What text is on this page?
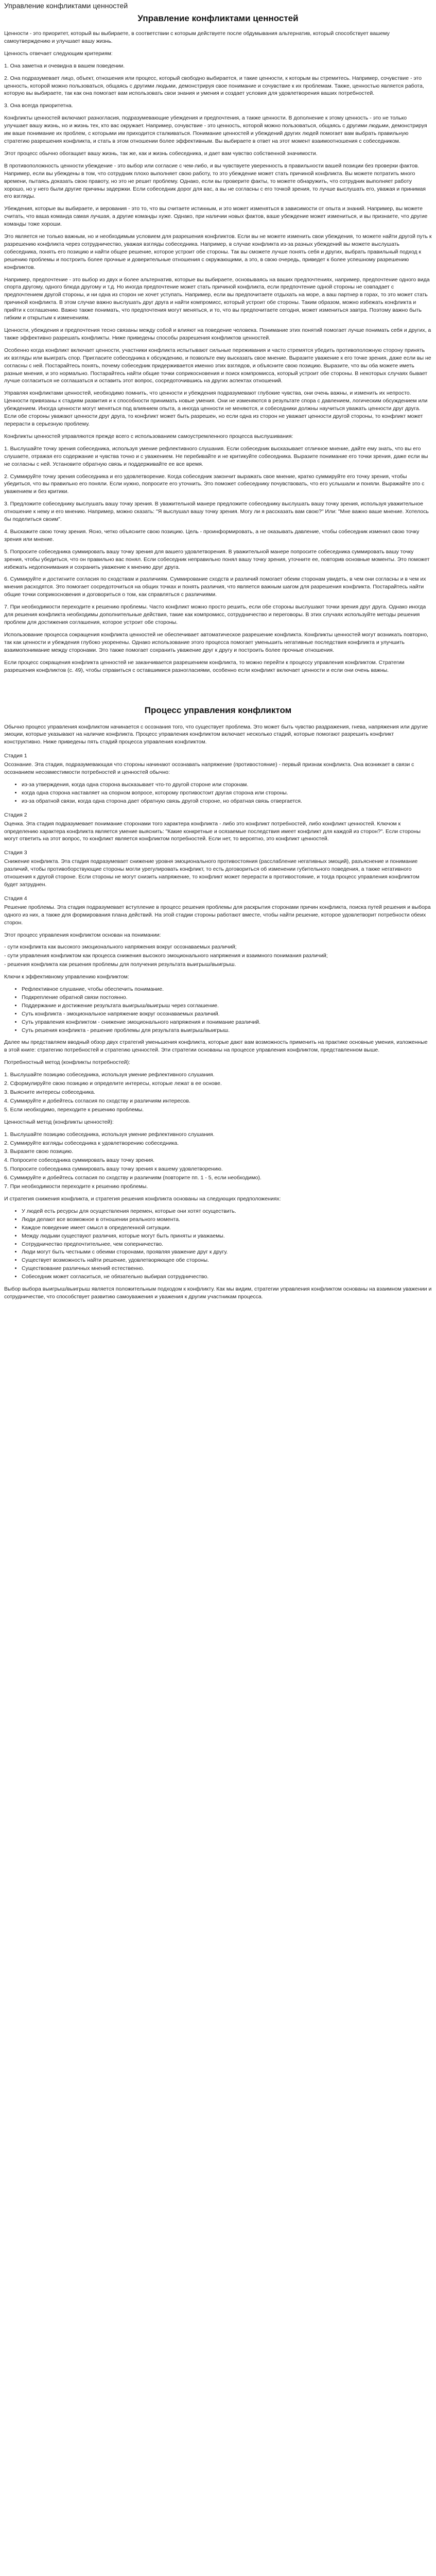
Управление конфликтами ценностей
Управление конфликтами ценностей

Ценности - это приоритет, который вы выбираете, в соответствии с которым действуете после обдумывания альтернатив, который способствует вашему самоутверждению и улучшает вашу жизнь.

Ценность отвечает следующим критериям:

1. Она заметна и очевидна в вашем поведении.

2. Она подразумевает лицо, объект, отношения или процесс, который свободно выбирается, и такие ценности, к которым вы стремитесь. Например, сочувствие - это ценность, которой можно пользоваться, общаясь с другими людьми, демонстрируя свое понимание и сочувствие к их проблемам. Также, ценностью является работа, которую вы выбираете, так как она помогает вам использовать свои знания и умения и создает условия для удовлетворения ваших потребностей.

3. Она всегда приоритетна.

Конфликты ценностей включают разногласия, подразумевающие убеждения и предпочтения, а также ценности. В дополнение к этому ценность - это не только улучшает вашу жизнь, но и жизнь тех, кто вас окружает. Например, сочувствие - это ценность, которой можно пользоваться, общаясь с другими людьми, демонстрируя им ваше понимание их проблем, с которыми им приходится сталкиваться. Понимание ценностей и убеждений других людей помогает вам выбрать правильную стратегию разрешения конфликта, и стать в этом отношении более эффективным. Вы выбираете в ответ на этот момент взаимоотношения с собеседником.

Этот процесс обычно обогащает вашу жизнь, так же, как и жизнь собеседника, и дает вам чувство собственной значимости.

В противоположность ценности убеждение - это выбор или согласие с чем-либо, и вы чувствуете уверенность в правильности вашей позиции без проверки фактов. Например, если вы убеждены в том, что сотрудник плохо выполняет свою работу, то это убеждение может стать причиной конфликта. Вы можете потратить много времени, пытаясь доказать свою правоту, но это не решит проблему. Однако, если вы проверите факты, то можете обнаружить, что сотрудник выполняет работу хорошо, но у него были другие причины задержки. Если собеседник дорог для вас, а вы не согласны с его точкой зрения, то лучше выслушать его, уважая и принимая его взгляды.

Убеждения, которые вы выбираете, и верования - это то, что вы считаете истинным, и это может изменяться в зависимости от опыта и знаний. Например, вы можете считать, что ваша команда самая лучшая, а другие команды хуже. Однако, при наличии новых фактов, ваше убеждение может измениться, и вы признаете, что другие команды тоже хороши.

Это является не только важным, но и необходимым условием для разрешения конфликтов. Если вы не можете изменить свои убеждения, то можете найти другой путь к разрешению конфликта через сотрудничество, уважая взгляды собеседника. Например, в случае конфликта из-за разных убеждений вы можете выслушать собеседника, понять его позицию и найти общее решение, которое устроит обе стороны. Так вы сможете лучше понять себя и других, выбрать правильный подход к решению проблемы и построить более прочные и доверительные отношения с окружающими, а это, в свою очередь, приведет к более успешному разрешению конфликтов.

Например, предпочтение - это выбор из двух и более альтернатив, которые вы выбираете, основываясь на ваших предпочтениях, например, предпочтение одного вида спорта другому, одного блюда другому и т.д. Но иногда предпочтение может стать причиной конфликта, если предпочтение одной стороны не совпадает с предпочтением другой стороны, и ни одна из сторон не хочет уступать. Например, если вы предпочитаете отдыхать на море, а ваш партнер в горах, то это может стать причиной конфликта. В этом случае важно выслушать друг друга и найти компромисс, который устроит обе стороны. Таким образом, можно избежать конфликта и прийти к соглашению. Важно также понимать, что предпочтения могут меняться, и то, что вы предпочитаете сегодня, может измениться завтра. Поэтому важно быть гибким и открытым к изменениям.

Ценности, убеждения и предпочтения тесно связаны между собой и влияют на поведение человека. Понимание этих понятий помогает лучше понимать себя и других, а также эффективно разрешать конфликты. Ниже приведены способы разрешения конфликтов ценностей.

Особенно когда конфликт включает ценности, участники конфликта испытывают сильные переживания и часто стремятся убедить противоположную сторону принять их взгляды или выиграть спор. Пригласите собеседника к обсуждению, и позвольте ему высказать свое мнение. Выразите уважение к его точке зрения, даже если вы не согласны с ней. Постарайтесь понять, почему собеседник придерживается именно этих взглядов, и объясните свою позицию. Выразите, что вы оба можете иметь разные мнения, и это нормально. Постарайтесь найти общие точки соприкосновения и поиск компромисса, который устроит обе стороны. В некоторых случаях бывает лучше согласиться не соглашаться и оставить этот вопрос, сосредоточившись на других аспектах отношений.

Управляя конфликтами ценностей, необходимо помнить, что ценности и убеждения подразумевают глубокие чувства, они очень важны, и изменить их непросто. Ценности привязаны к стадиям развития и к способности принимать новые умения. Они не изменяются в результате спора с давлением, логическим обсуждением или убеждением. Иногда ценности могут меняться под влиянием опыта, а иногда ценности не меняются, и собеседники должны научиться уважать ценности друг друга. Если обе стороны уважают ценности друг друга, то конфликт может быть разрешен, но если одна из сторон не уважает ценности другой стороны, то конфликт может перерасти в серьезную проблему.

Конфликты ценностей управляются прежде всего с использованием самоустремленного процесса выслушивания:

1. Выслушайте точку зрения собеседника, используя умение рефлективного слушания. Если собеседник высказывает отличное мнение, дайте ему знать, что вы его слушаете, отражая его содержание и чувства точно и с уважением. Не перебивайте и не критикуйте собеседника. Выразите понимание его точки зрения, даже если вы не согласны с ней. Установите обратную связь и поддерживайте ее все время.

2. Суммируйте точку зрения собеседника и его удовлетворение. Когда собеседник закончит выражать свое мнение, кратко суммируйте его точку зрения, чтобы убедиться, что вы правильно его поняли. Если нужно, попросите его уточнить. Это поможет собеседнику почувствовать, что его услышали и поняли. Выражайте это с уважением и без критики.

3. Предложите собеседнику выслушать вашу точку зрения. В уважительной манере предложите собеседнику выслушать вашу точку зрения, используя уважительное отношение к нему и его мнению. Например, можно сказать: "Я выслушал вашу точку зрения. Могу ли я рассказать вам свою?" Или: "Мне важно ваше мнение. Хотелось бы поделиться своим".

4. Выскажите свою точку зрения. Ясно, четко объясните свою позицию. Цель - проинформировать, а не оказывать давление, чтобы собеседник изменил свою точку зрения или мнение.

5. Попросите собеседника суммировать вашу точку зрения для вашего удовлетворения. В уважительной манере попросите собеседника суммировать вашу точку зрения, чтобы убедиться, что он правильно вас понял. Если собеседник неправильно понял вашу точку зрения, уточните ее, повторив основные моменты. Это поможет избежать недопонимания и сохранить уважение к мнению друг друга.

6. Суммируйте и достигните согласия по сходствам и различиям. Суммирование сходств и различий помогает обеим сторонам увидеть, в чем они согласны и в чем их мнения расходятся. Это помогает сосредоточиться на общих точках и понять различия, что является важным шагом для разрешения конфликта. Постарайтесь найти общие точки соприкосновения и договориться о том, как справляться с различиями.

7. При необходимости переходите к решению проблемы. Часто конфликт можно просто решить, если обе стороны выслушают точки зрения друг друга. Однако иногда для решения конфликта необходимы дополнительные действия, такие как компромисс, сотрудничество и переговоры. В этих случаях используйте методы решения проблем для достижения соглашения, которое устроит обе стороны.

Использование процесса сокращения конфликта ценностей не обеспечивает автоматическое разрешение конфликта. Конфликты ценностей могут возникать повторно, так как ценности и убеждения глубоко укоренены. Однако использование этого процесса помогает уменьшить негативные последствия конфликта и улучшить взаимопонимание между сторонами. Это также помогает сохранить уважение друг к другу и построить более прочные отношения.

Если процесс сокращения конфликта ценностей не заканчивается разрешением конфликта, то можно перейти к процессу управления конфликтом. Стратегии разрешения конфликтов (с. 49), чтобы справиться с оставшимися разногласиями, особенно если конфликт включает ценности и если они очень важны.

Процесс управления конфликтом

Обычно процесс управления конфликтом начинается с осознания того, что существует проблема. Это может быть чувство раздражения, гнева, напряжения или другие эмоции, которые указывают на наличие конфликта. Процесс управления конфликтом включает несколько стадий, которые помогают разрешить конфликт конструктивно. Ниже приведены пять стадий процесса управления конфликтом.

Стадия 1

Осознание. Эта стадия, подразумевающая что стороны начинают осознавать напряжение (противостояние) - первый признак конфликта. Она возникает в связи с осознанием несовместимости потребностей и ценностей обычно:

• из-за утверждения, когда одна сторона высказывает что-то другой стороне или сторонам.
• когда одна сторона наставляет на спорном вопросе, которому противостоит другая сторона или стороны.
• из-за обратной связи, когда одна сторона дает обратную связь другой стороне, но обратная связь отвергается.

Стадия 2

Оценка. Эта стадия подразумевает понимание сторонами того характера конфликта - либо это конфликт потребностей, либо конфликт ценностей. Ключом к определению характера конфликта является умение выяснить: "Какие конкретные и осязаемые последствия имеет конфликт для каждой из сторон?". Если стороны могут ответить на этот вопрос, то конфликт является конфликтом потребностей. Если нет, то вероятно, это конфликт ценностей.

Стадия 3

Снижение конфликта. Эта стадия подразумевает снижение уровня эмоционального противостояния (расслабление негативных эмоций), разъяснение и понимание различий, чтобы противоборствующие стороны могли урегулировать конфликт, то есть договориться об изменении губительного поведения, а также негативного отношения к другой стороне. Если стороны не могут снизить напряжение, то конфликт может перерасти в противостояние, и тогда процесс управления конфликтом будет затруднен.

Стадия 4

Решение проблемы. Эта стадия подразумевает вступление в процесс решения проблемы для раскрытия сторонами причин конфликта, поиска путей решения и выбора одного из них, а также для формирования плана действий. На этой стадии стороны работают вместе, чтобы найти решение, которое удовлетворит потребности обеих сторон.

Этот процесс управления конфликтом основан на понимании:

- сути конфликта как высокого эмоционального напряжения вокруг осознаваемых различий;

- сути управления конфликтом как процесса снижения высокого эмоционального напряжения и взаимного понимания различий;

- решения конфликта как решения проблемы для получения результата выигрыш/выигрыш.

Ключи к эффективному управлению конфликтом:

• Рефлективное слушание, чтобы обеспечить понимание.
• Подкрепление обратной связи постоянно.
• Поддержание и достижение результата выигрыш/выигрыш через соглашение.
• Суть конфликта - эмоциональное напряжение вокруг осознаваемых различий.
• Суть управления конфликтом - снижение эмоционального напряжения и понимание различий.
• Суть решения конфликта - решение проблемы для результата выигрыш/выигрыш.

Далее мы представляем вводный обзор двух стратегий уменьшения конфликта, которые дают вам возможность применить на практике основные умения, изложенные в этой книге: стратегию потребностей и стратегию ценностей. Эти стратегии основаны на процессе управления конфликтом, представленном выше.

Потребностный метод (конфликты потребностей):

1. Выслушайте позицию собеседника, используя умение рефлективного слушания.

2. Сформулируйте свою позицию и определите интересы, которые лежат в ее основе.

3. Выясните интересы собеседника.

4. Суммируйте и добейтесь согласия по сходству и различиям интересов.

5. Если необходимо, переходите к решению проблемы.

Ценностный метод (конфликты ценностей):

1. Выслушайте позицию собеседника, используя умение рефлективного слушания.

2. Суммируйте взгляды собеседника к удовлетворению собеседника.

3. Выразите свою позицию.

4. Попросите собеседника суммировать вашу точку зрения.

5. Попросите собеседника суммировать вашу точку зрения к вашему удовлетворению.

6. Суммируйте и добейтесь согласия по сходству и различиям (повторите пп. 1 - 5, если необходимо).

7. При необходимости переходите к решению проблемы.

И стратегия снижения конфликта, и стратегия решения конфликта основаны на следующих предположениях:

• У людей есть ресурсы для осуществления перемен, которые они хотят осуществить.
• Люди делают все возможное в отношении реального момента.
• Каждое поведение имеет смысл в определенной ситуации.
• Между людьми существуют различия, которые могут быть приняты и уважаемы.
• Сотрудничество предпочтительнее, чем соперничество.
• Люди могут быть честными с обеими сторонами, проявляя уважение друг к другу.
• Существует возможность найти решение, удовлетворяющее обе стороны.
• Существование различных мнений естественно.
• Собеседник может согласиться, не обязательно выбирая сотрудничество.

Выбор выбора выигрыш/выигрыш является положительным подходом к конфликту. Как мы видим, стратегии управления конфликтом основаны на взаимном уважении и сотрудничестве, что способствует развитию самоуважения и уважения к другим участникам процесса.
